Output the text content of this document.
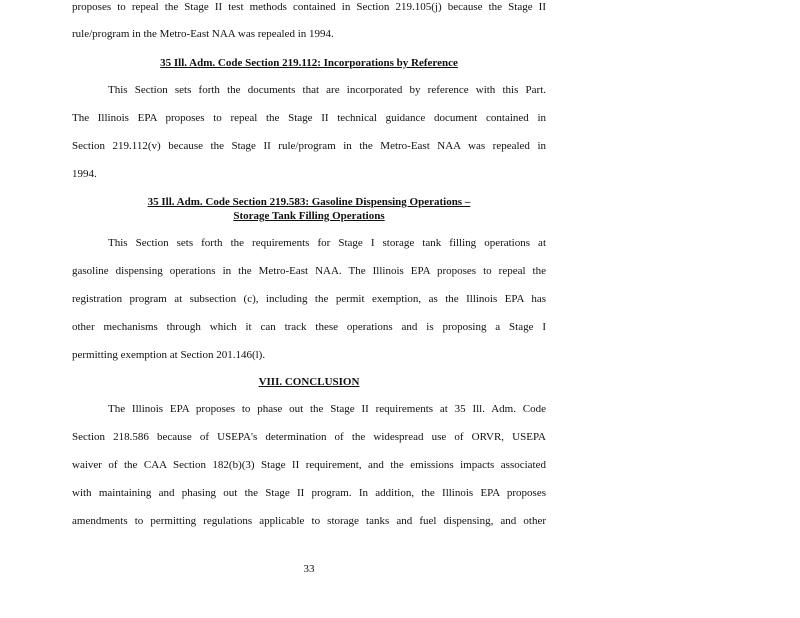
proposes to repeal the Stage II test methods contained in Section 219.105(j) because the Stage II
rule/program in the Metro-East NAA was repealed in 1994.
35 Ill. Adm. Code Section 219.112: Incorporations by Reference
This Section sets forth the documents that are incorporated by reference with this Part.
The Illinois EPA proposes to repeal the Stage II technical guidance document contained in
Section 219.112(v) because the Stage II rule/program in the Metro-East NAA was repealed in
1994.
35 Ill. Adm. Code Section 219.583: Gasoline Dispensing Operations –
Storage Tank Filling Operations
This Section sets forth the requirements for Stage I storage tank filling operations at
gasoline dispensing operations in the Metro-East NAA. The Illinois EPA proposes to repeal the
registration program at subsection (c), including the permit exemption, as the Illinois EPA has
other mechanisms through which it can track these operations and is proposing a Stage I
permitting exemption at Section 201.146(l).
VIII. CONCLUSION
The Illinois EPA proposes to phase out the Stage II requirements at 35 Ill. Adm. Code
Section 218.586 because of USEPA's determination of the widespread use of ORVR, USEPA
waiver of the CAA Section 182(b)(3) Stage II requirement, and the emissions impacts associated
with maintaining and phasing out the Stage II program. In addition, the Illinois EPA proposes
amendments to permitting regulations applicable to storage tanks and fuel dispensing, and other
33
